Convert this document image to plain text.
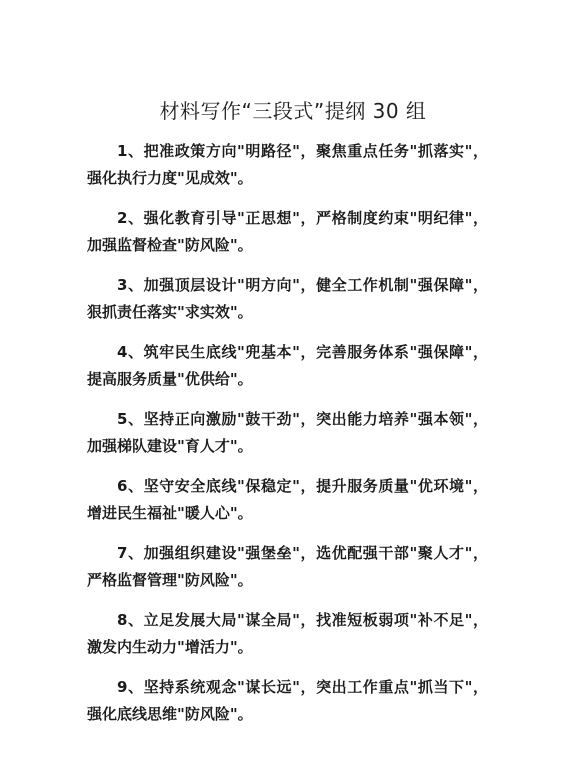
材料写作“三段式”提纲 30 组

1、把准政策方向"明路径"，聚焦重点任务"抓落实"，强化执行力度"见成效"。

2、强化教育引导"正思想"，严格制度约束"明纪律"，加强监督检查"防风险"。

3、加强顶层设计"明方向"，健全工作机制"强保障"，狠抓责任落实"求实效"。

4、筑牢民生底线"兜基本"，完善服务体系"强保障"，提高服务质量"优供给"。

5、坚持正向激励"鼓干劲"，突出能力培养"强本领"，加强梯队建设"育人才"。

6、坚守安全底线"保稳定"，提升服务质量"优环境"，增进民生福祉"暖人心"。

7、加强组织建设"强堡垒"，选优配强干部"聚人才"，严格监督管理"防风险"。

8、立足发展大局"谋全局"，找准短板弱项"补不足"，激发内生动力"增活力"。

9、坚持系统观念"谋长远"，突出工作重点"抓当下"，强化底线思维"防风险"。
